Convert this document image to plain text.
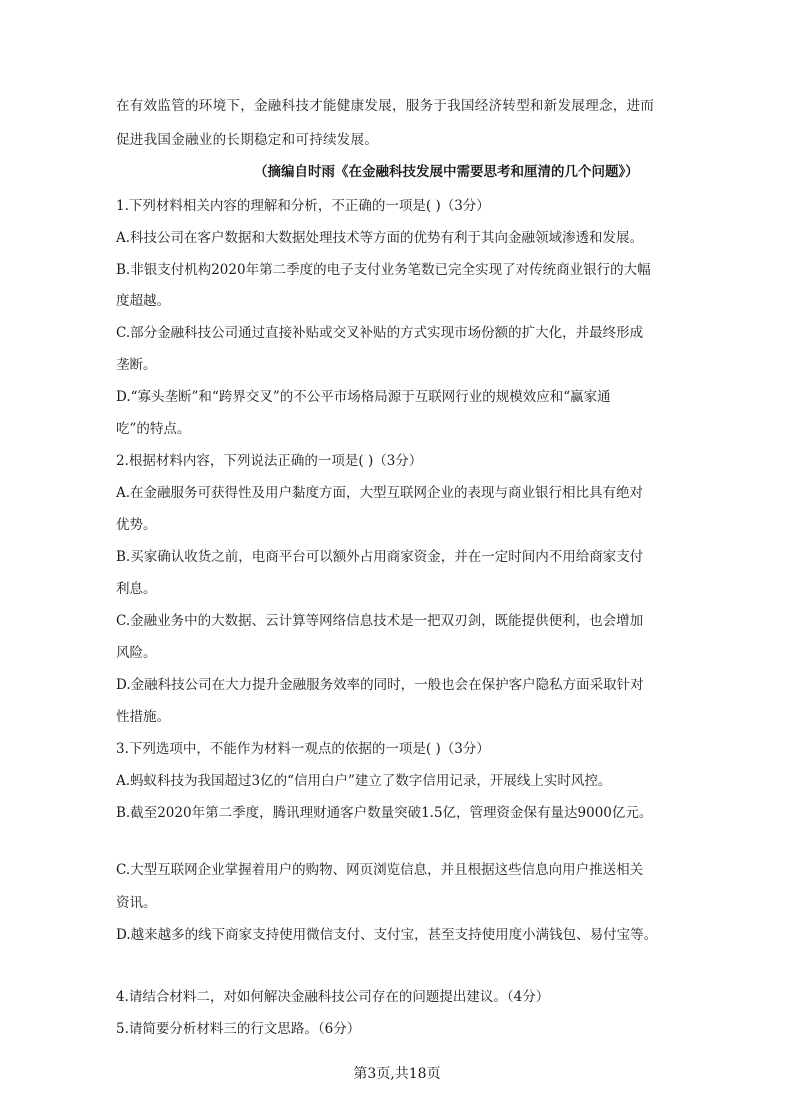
在有效监管的环境下，金融科技才能健康发展，服务于我国经济转型和新发展理念，进而
促进我国金融业的长期稳定和可持续发展。
（摘编自时雨《在金融科技发展中需要思考和厘清的几个问题》）
1.下列材料相关内容的理解和分析，不正确的一项是( )（3分）
A.科技公司在客户数据和大数据处理技术等方面的优势有利于其向金融领域渗透和发展。
B.非银支付机构2020年第二季度的电子支付业务笔数已完全实现了对传统商业银行的大幅
度超越。
C.部分金融科技公司通过直接补贴或交叉补贴的方式实现市场份额的扩大化，并最终形成
垄断。
D.“寡头垄断”和“跨界交叉”的不公平市场格局源于互联网行业的规模效应和“赢家通
吃”的特点。
2.根据材料内容，下列说法正确的一项是( )（3分）
A.在金融服务可获得性及用户黏度方面，大型互联网企业的表现与商业银行相比具有绝对
优势。
B.买家确认收货之前，电商平台可以额外占用商家资金，并在一定时间内不用给商家支付
利息。
C.金融业务中的大数据、云计算等网络信息技术是一把双刃剑，既能提供便利，也会增加
风险。
D.金融科技公司在大力提升金融服务效率的同时，一般也会在保护客户隐私方面采取针对
性措施。
3.下列选项中，不能作为材料一观点的依据的一项是( )（3分）
A.蚂蚁科技为我国超过3亿的“信用白户”建立了数字信用记录，开展线上实时风控。
B.截至2020年第二季度，腾讯理财通客户数量突破1.5亿，管理资金保有量达9000亿元。
C.大型互联网企业掌握着用户的购物、网页浏览信息，并且根据这些信息向用户推送相关
资讯。
D.越来越多的线下商家支持使用微信支付、支付宝，甚至支持使用度小满钱包、易付宝等。
4.请结合材料二，对如何解决金融科技公司存在的问题提出建议。（4分）
5.请简要分析材料三的行文思路。（6分）
第3页,共18页
